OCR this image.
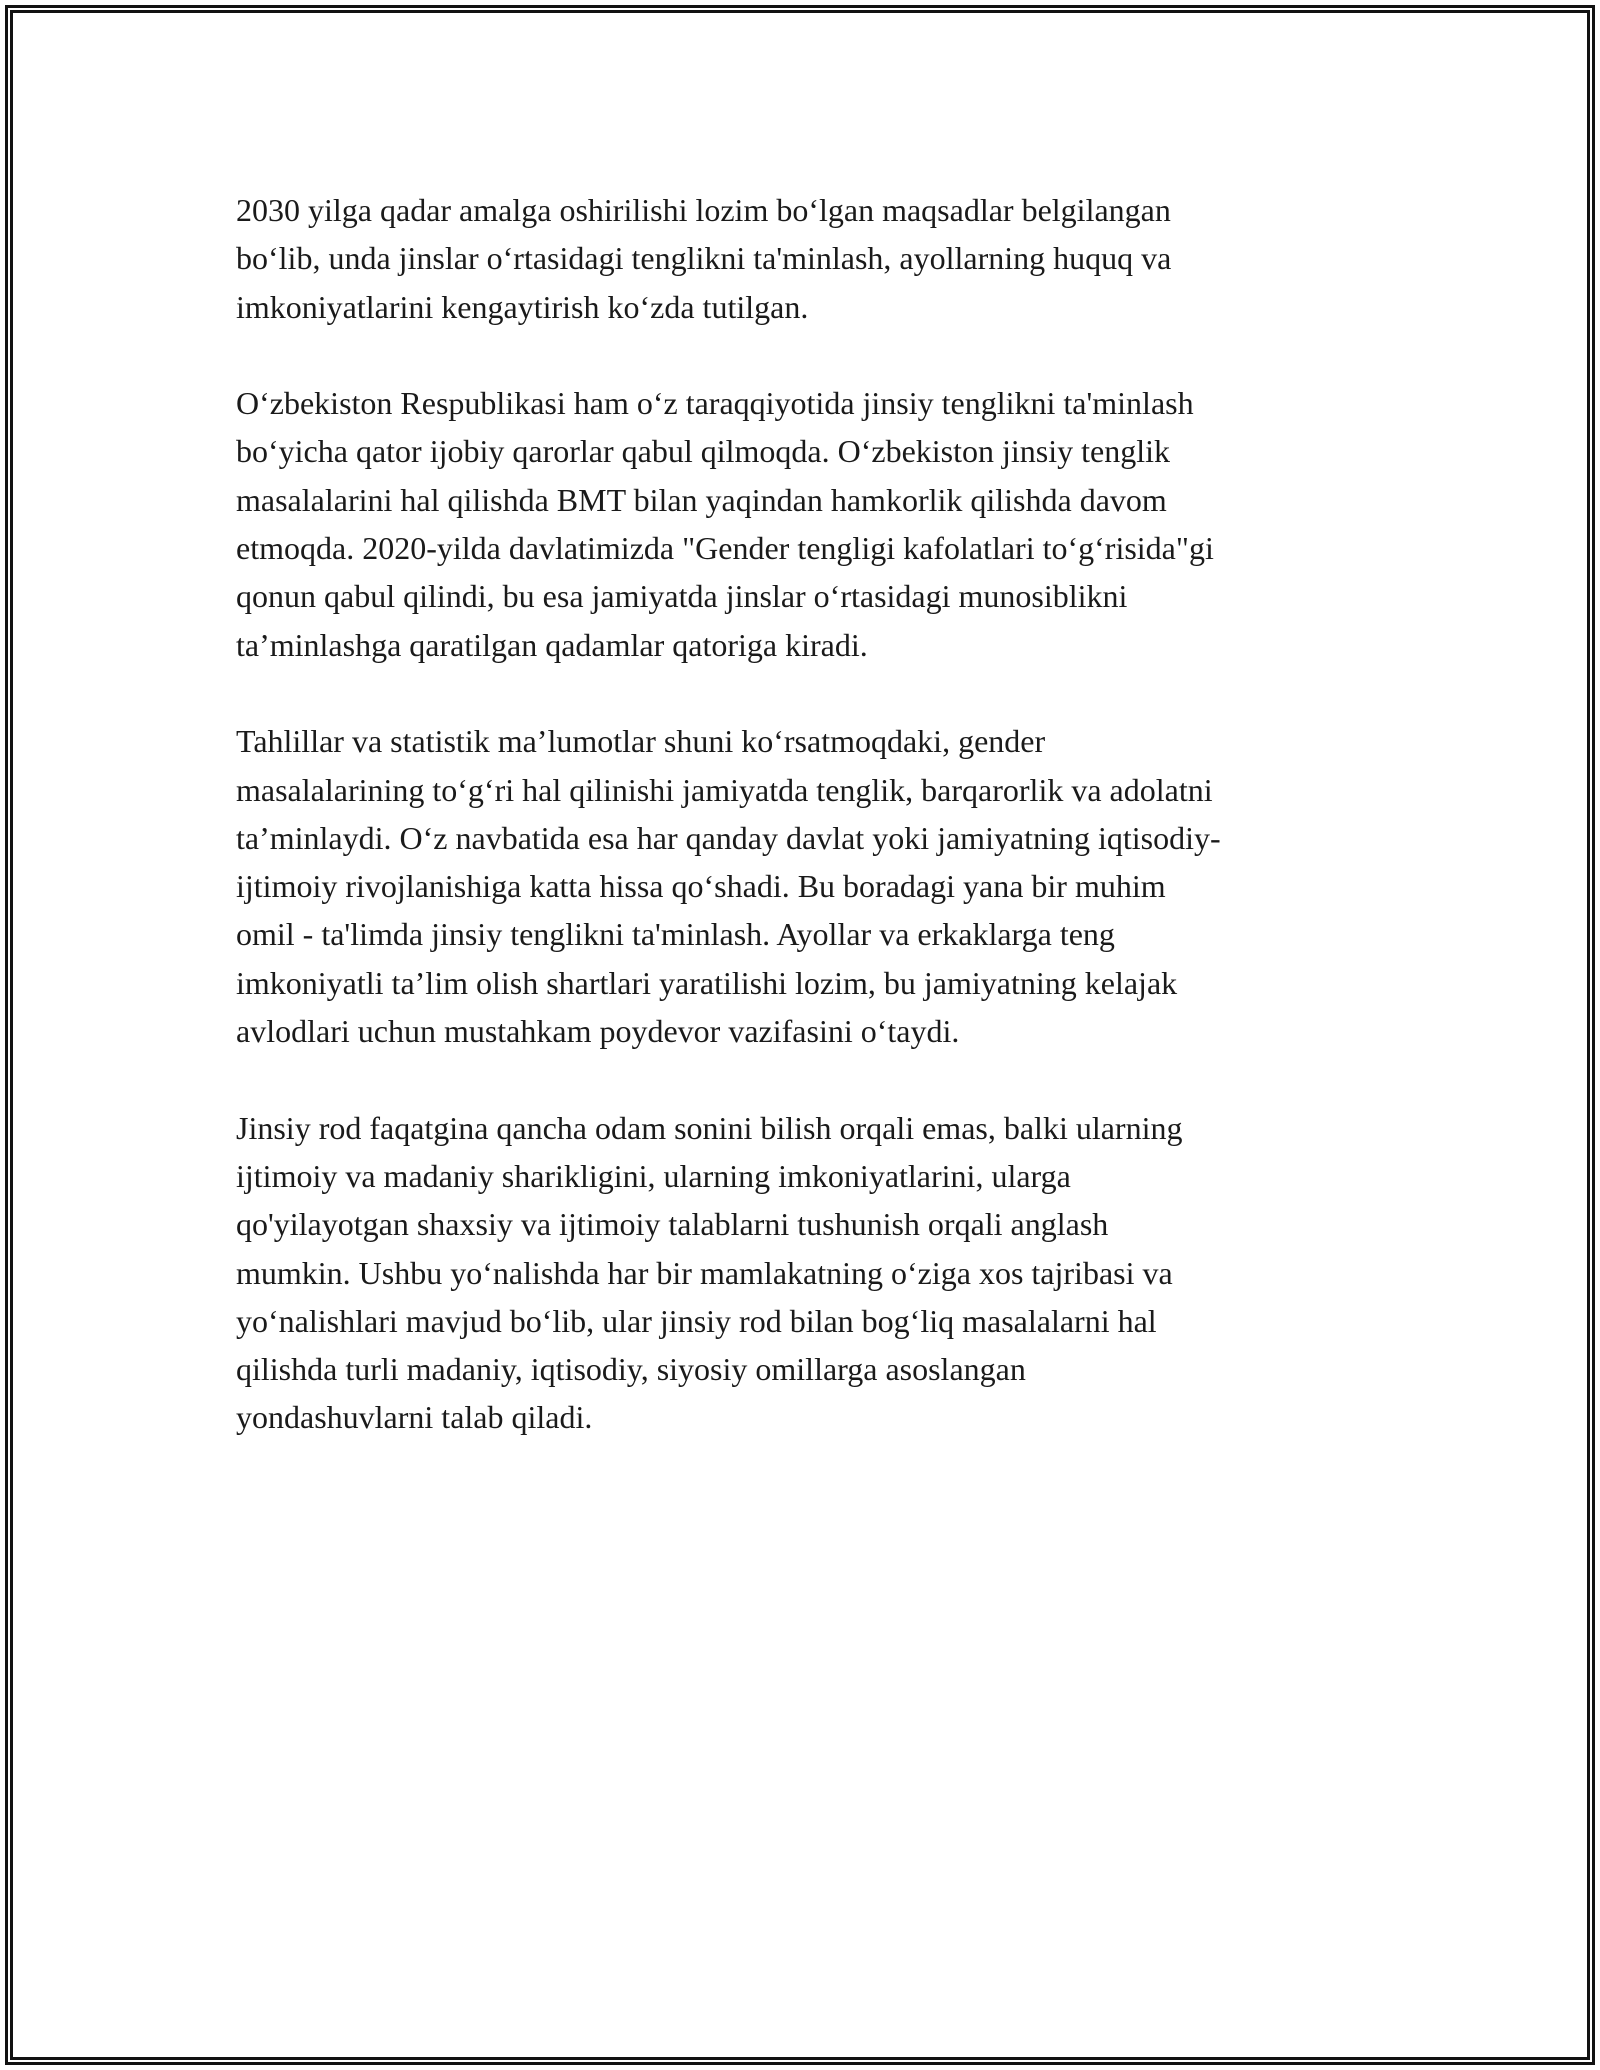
2030 yilga qadar amalga oshirilishi lozim bo‘lgan maqsadlar belgilangan
bo‘lib, unda jinslar o‘rtasidagi tenglikni ta'minlash, ayollarning huquq va
imkoniyatlarini kengaytirish ko‘zda tutilgan.

O‘zbekiston Respublikasi ham o‘z taraqqiyotida jinsiy tenglikni ta'minlash
bo‘yicha qator ijobiy qarorlar qabul qilmoqda. O‘zbekiston jinsiy tenglik
masalalarini hal qilishda BMT bilan yaqindan hamkorlik qilishda davom
etmoqda. 2020-yilda davlatimizda "Gender tengligi kafolatlari to‘g‘risida"gi
qonun qabul qilindi, bu esa jamiyatda jinslar o‘rtasidagi munosiblikni
ta’minlashga qaratilgan qadamlar qatoriga kiradi.

Tahlillar va statistik ma’lumotlar shuni ko‘rsatmoqdaki, gender
masalalarining to‘g‘ri hal qilinishi jamiyatda tenglik, barqarorlik va adolatni
ta’minlaydi. O‘z navbatida esa har qanday davlat yoki jamiyatning iqtisodiy-
ijtimoiy rivojlanishiga katta hissa qo‘shadi. Bu boradagi yana bir muhim
omil - ta'limda jinsiy tenglikni ta'minlash. Ayollar va erkaklarga teng
imkoniyatli ta’lim olish shartlari yaratilishi lozim, bu jamiyatning kelajak
avlodlari uchun mustahkam poydevor vazifasini o‘taydi.

Jinsiy rod faqatgina qancha odam sonini bilish orqali emas, balki ularning
ijtimoiy va madaniy sharikligini, ularning imkoniyatlarini, ularga
qo'yilayotgan shaxsiy va ijtimoiy talablarni tushunish orqali anglash
mumkin. Ushbu yo‘nalishda har bir mamlakatning o‘ziga xos tajribasi va
yo‘nalishlari mavjud bo‘lib, ular jinsiy rod bilan bog‘liq masalalarni hal
qilishda turli madaniy, iqtisodiy, siyosiy omillarga asoslangan
yondashuvlarni talab qiladi.
